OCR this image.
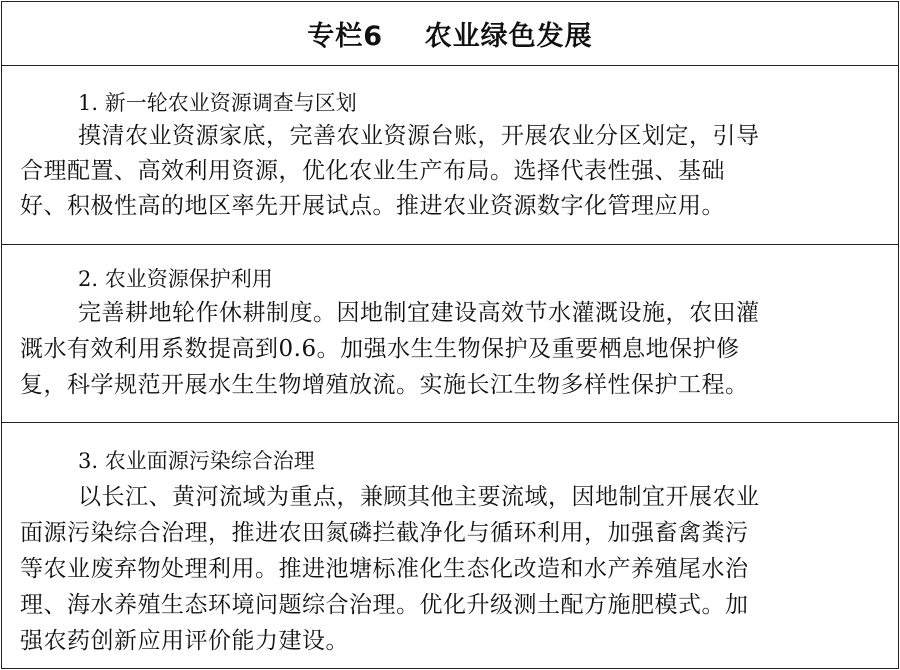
专栏6    农业绿色发展
1. 新一轮农业资源调查与区划
摸清农业资源家底，完善农业资源台账，开展农业分区划定，引导
合理配置、高效利用资源，优化农业生产布局。选择代表性强、基础
好、积极性高的地区率先开展试点。推进农业资源数字化管理应用。
2. 农业资源保护利用
完善耕地轮作休耕制度。因地制宜建设高效节水灌溉设施，农田灌
溉水有效利用系数提高到0.6。加强水生生物保护及重要栖息地保护修
复，科学规范开展水生生物增殖放流。实施长江生物多样性保护工程。
3. 农业面源污染综合治理
以长江、黄河流域为重点，兼顾其他主要流域，因地制宜开展农业
面源污染综合治理，推进农田氮磷拦截净化与循环利用，加强畜禽粪污
等农业废弃物处理利用。推进池塘标准化生态化改造和水产养殖尾水治
理、海水养殖生态环境问题综合治理。优化升级测土配方施肥模式。加
强农药创新应用评价能力建设。
